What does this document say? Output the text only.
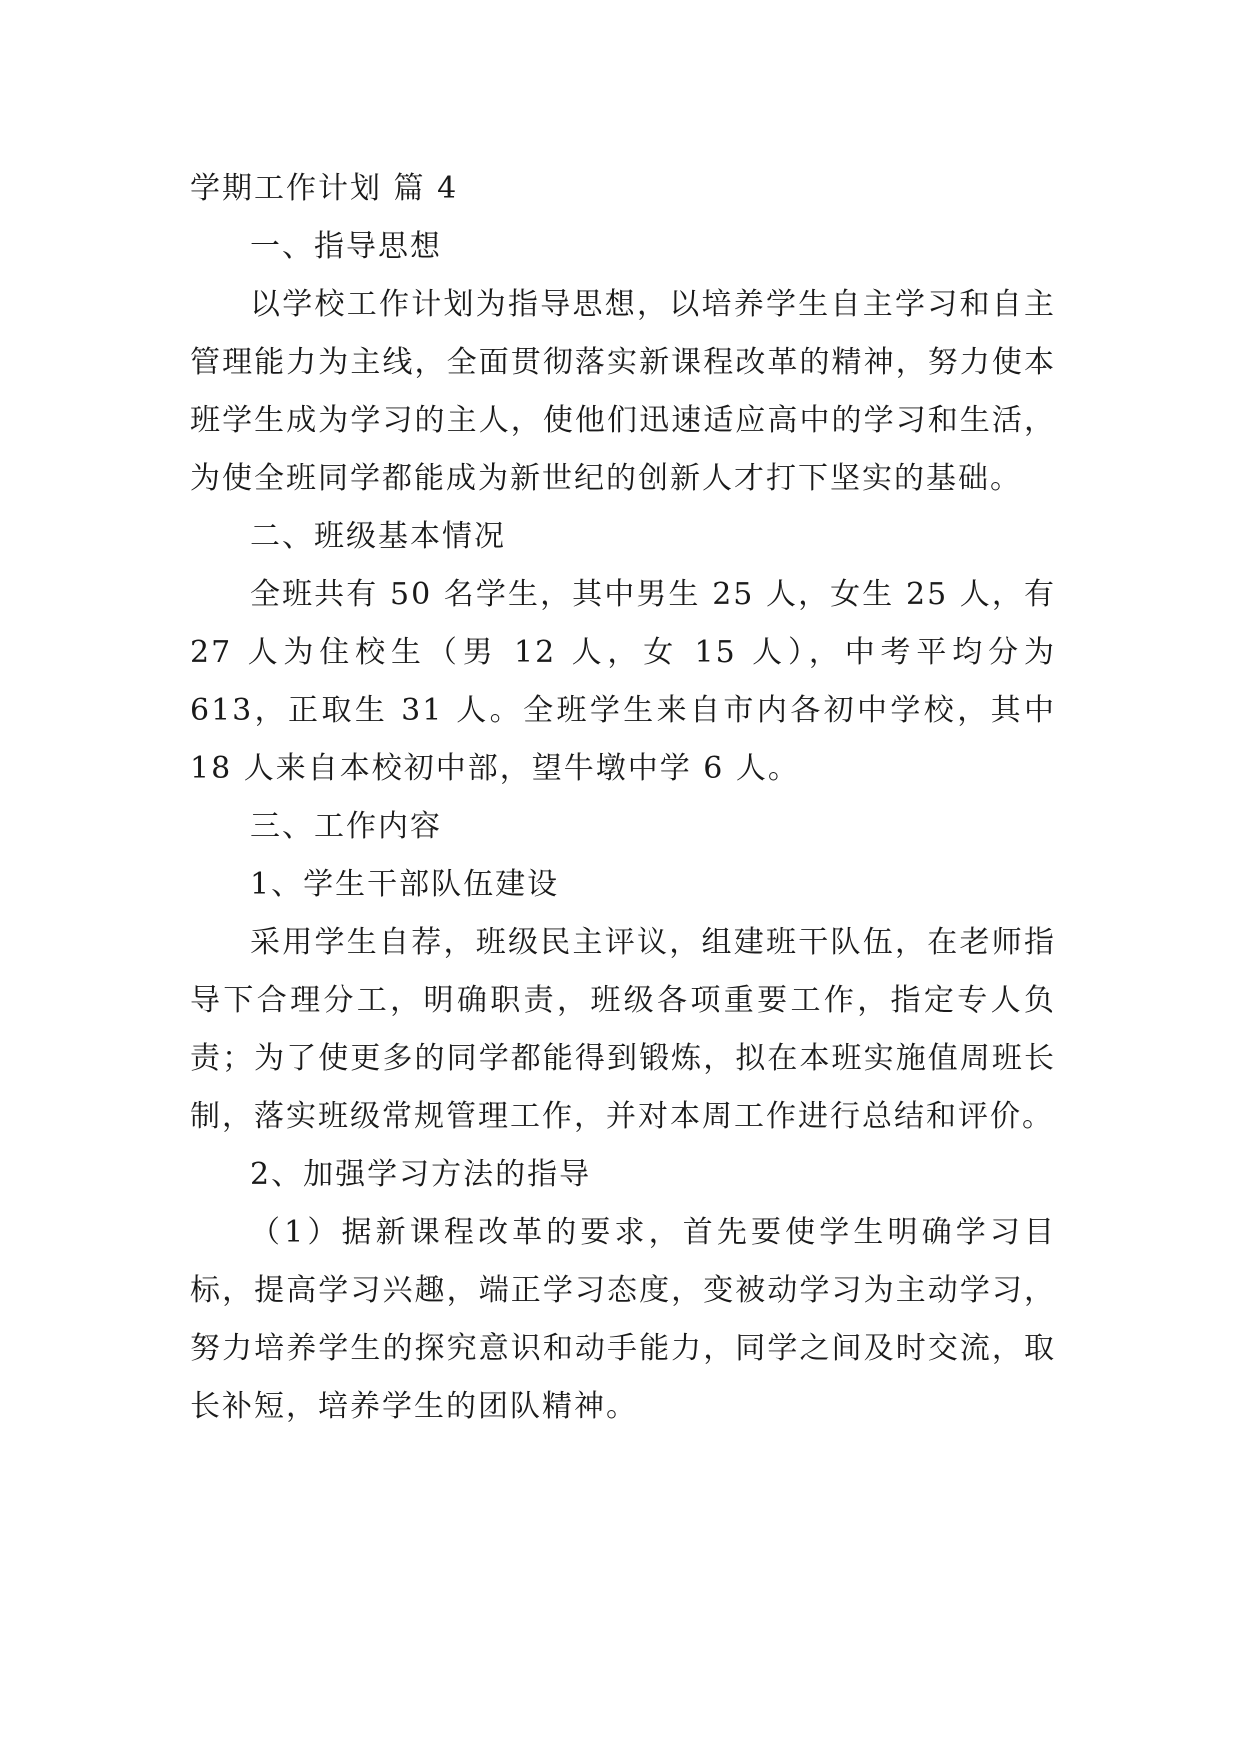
学期工作计划 篇 4

一、指导思想

以学校工作计划为指导思想，以培养学生自主学习和自主管理能力为主线，全面贯彻落实新课程改革的精神，努力使本班学生成为学习的主人，使他们迅速适应高中的学习和生活，为使全班同学都能成为新世纪的创新人才打下坚实的基础。

二、班级基本情况

全班共有 50 名学生，其中男生 25 人，女生 25 人，有 27 人为住校生（男 12 人，女 15 人），中考平均分为 613，正取生 31 人。全班学生来自市内各初中学校，其中 18 人来自本校初中部，望牛墩中学 6 人。

三、工作内容

1、学生干部队伍建设

采用学生自荐，班级民主评议，组建班干队伍，在老师指导下合理分工，明确职责，班级各项重要工作，指定专人负责；为了使更多的同学都能得到锻炼，拟在本班实施值周班长制，落实班级常规管理工作，并对本周工作进行总结和评价。

2、加强学习方法的指导

（1）据新课程改革的要求，首先要使学生明确学习目标，提高学习兴趣，端正学习态度，变被动学习为主动学习，努力培养学生的探究意识和动手能力，同学之间及时交流，取长补短，培养学生的团队精神。
